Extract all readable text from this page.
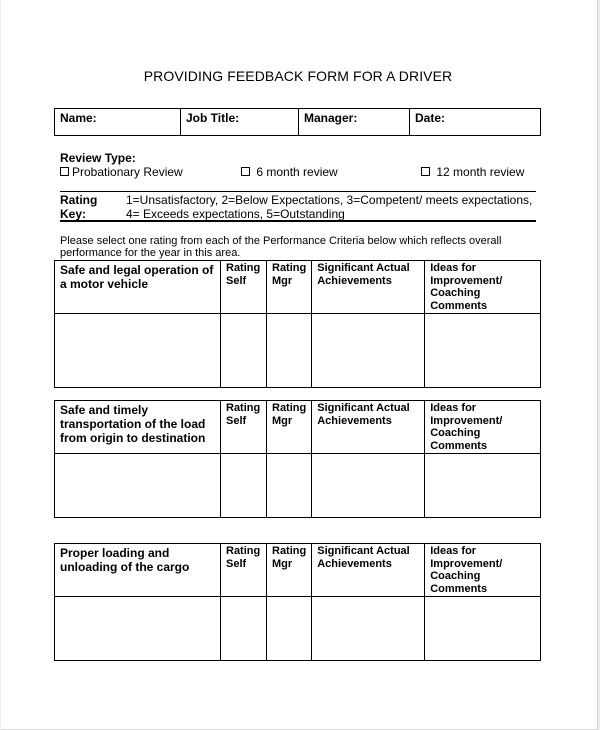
PROVIDING FEEDBACK FORM FOR A DRIVER
Name:	Job Title:	Manager:	Date:
Review Type:
Probationary Review	6 month review	12 month review
Rating
Key:
1=Unsatisfactory, 2=Below Expectations, 3=Competent/ meets expectations,
4= Exceeds expectations, 5=Outstanding
Please select one rating from each of the Performance Criteria below which reflects overall performance for the year in this area.
Safe and legal operation of a motor vehicle	Rating Self	Rating Mgr	Significant Actual Achievements	Ideas for Improvement/ Coaching Comments

Safe and timely transportation of the load from origin to destination	Rating Self	Rating Mgr	Significant Actual Achievements	Ideas for Improvement/ Coaching Comments

Proper loading and unloading of the cargo	Rating Self	Rating Mgr	Significant Actual Achievements	Ideas for Improvement/ Coaching Comments
